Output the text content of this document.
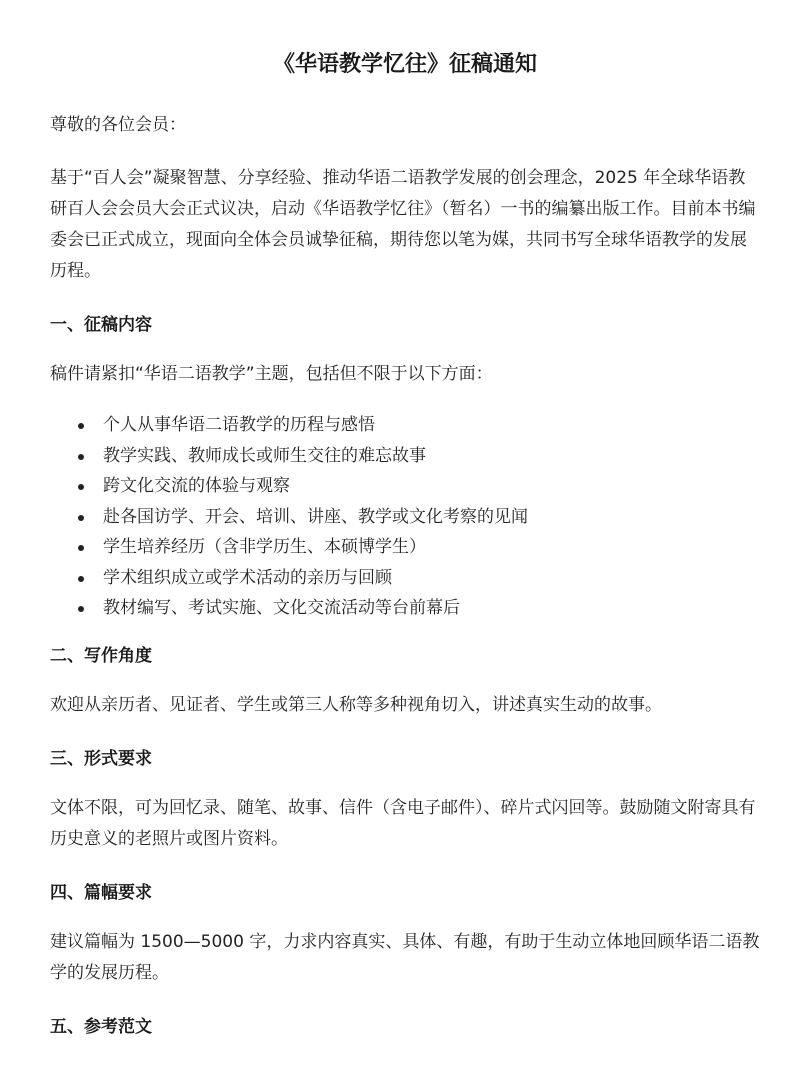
《华语教学忆往》征稿通知

尊敬的各位会员：

基于“百人会”凝聚智慧、分享经验、推动华语二语教学发展的创会理念，2025 年全球华语教研百人会会员大会正式议决，启动《华语教学忆往》（暂名）一书的编纂出版工作。目前本书编委会已正式成立，现面向全体会员诚挚征稿，期待您以笔为媒，共同书写全球华语教学的发展历程。

一、征稿内容

稿件请紧扣“华语二语教学”主题，包括但不限于以下方面：

个人从事华语二语教学的历程与感悟
教学实践、教师成长或师生交往的难忘故事
跨文化交流的体验与观察
赴各国访学、开会、培训、讲座、教学或文化考察的见闻
学生培养经历（含非学历生、本硕博学生）
学术组织成立或学术活动的亲历与回顾
教材编写、考试实施、文化交流活动等台前幕后
二、写作角度

欢迎从亲历者、见证者、学生或第三人称等多种视角切入，讲述真实生动的故事。

三、形式要求

文体不限，可为回忆录、随笔、故事、信件（含电子邮件）、碎片式闪回等。鼓励随文附寄具有历史意义的老照片或图片资料。

四、篇幅要求

建议篇幅为 1500—5000 字，力求内容真实、具体、有趣，有助于生动立体地回顾华语二语教学的发展历程。

五、参考范文
